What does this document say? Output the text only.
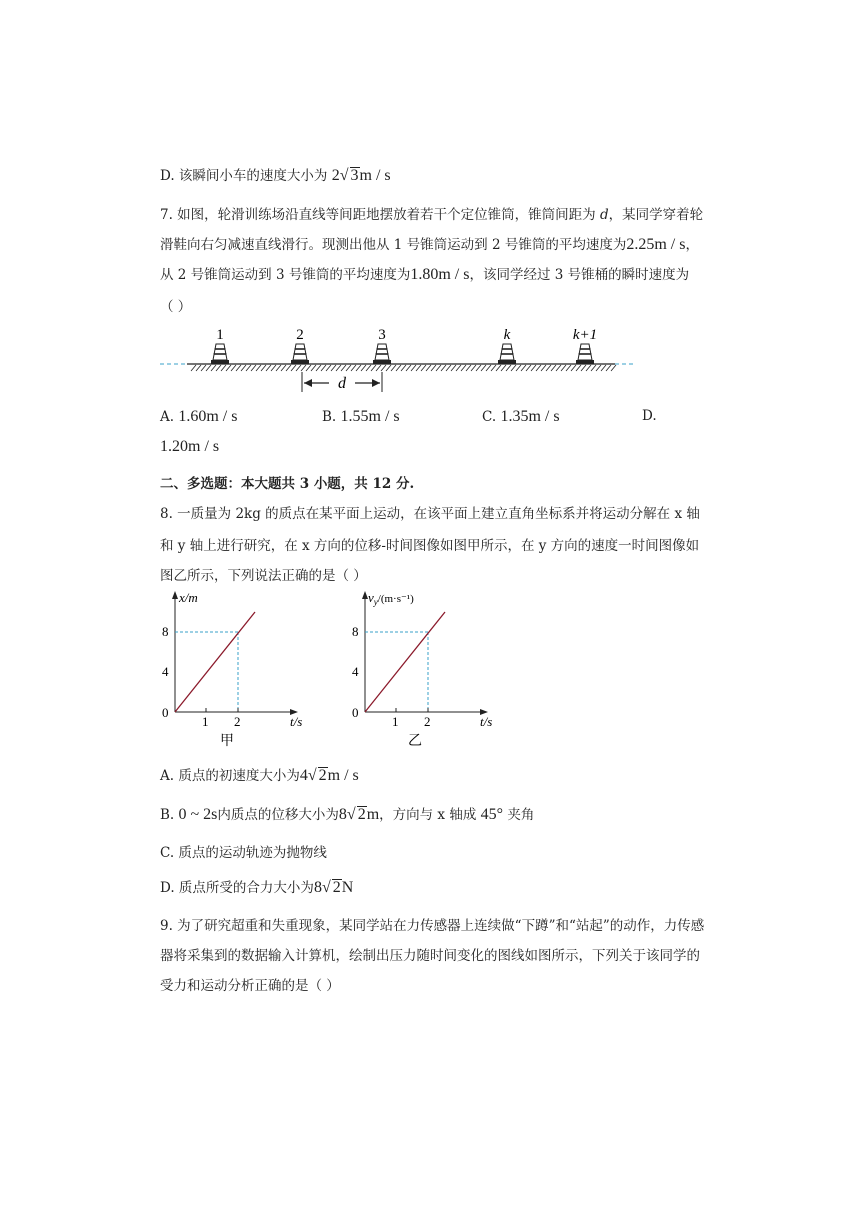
D. 该瞬间小车的速度大小为 2√ 3m / s
7. 如图，轮滑训练场沿直线等间距地摆放着若干个定位锥筒，锥筒间距为 d，某同学穿着轮
滑鞋向右匀减速直线滑行。现测出他从 1 号锥筒运动到 2 号锥筒的平均速度为2.25m / s，
从 2 号锥筒运动到 3 号锥筒的平均速度为1.80m / s，该同学经过 3 号锥桶的瞬时速度为
（ ）
1	2	3	k	k+1
d
A. 1.60m / s	B. 1.55m / s	C. 1.35m / s	D.
1.20m / s
二、多选题：本大题共 3 小题，共 12 分.
8. 一质量为 2kg 的质点在某平面上运动，在该平面上建立直角坐标系并将运动分解在 x 轴
和 y 轴上进行研究，在 x 方向的位移-时间图像如图甲所示，在 y 方向的速度一时间图像如
图乙所示，下列说法正确的是（ ）
x/m
8
4
0
1 2	t/s
甲
$v_y^{/(m\cdot s^{-1})}$
8
4
0
1 2	t/s
乙
A. 质点的初速度大小为4√ 2m / s
B. 0 ~ 2s内质点的位移大小为8√ 2m，方向与 x 轴成 45° 夹角
C. 质点的运动轨迹为抛物线
D. 质点所受的合力大小为8√ 2N
9. 为了研究超重和失重现象，某同学站在力传感器上连续做“下蹲”和“站起”的动作，力传感
器将采集到的数据输入计算机，绘制出压力随时间变化的图线如图所示，下列关于该同学的
受力和运动分析正确的是（ ）
